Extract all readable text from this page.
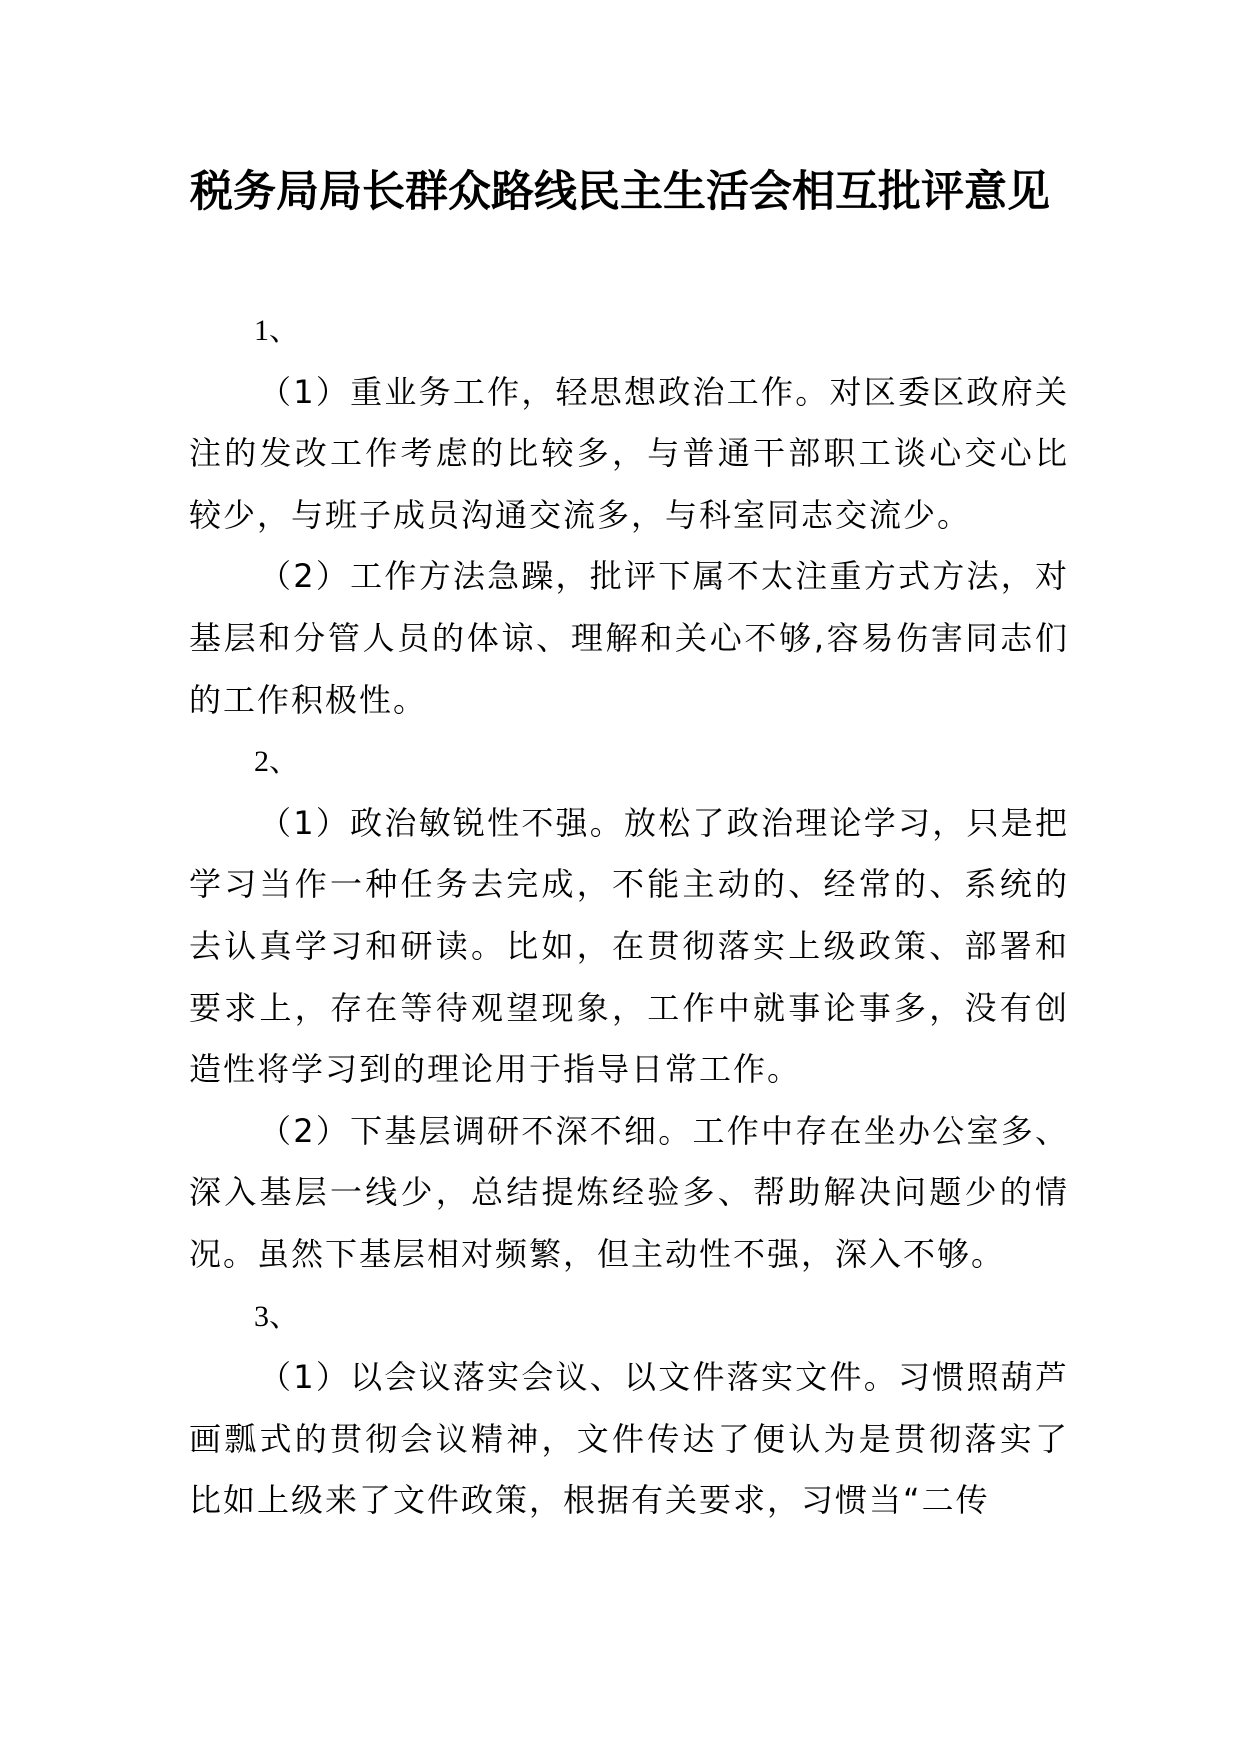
税务局局长群众路线民主生活会相互批评意见

1、

（1）重业务工作，轻思想政治工作。对区委区政府关注的发改工作考虑的比较多，与普通干部职工谈心交心比较少，与班子成员沟通交流多，与科室同志交流少。

（2）工作方法急躁，批评下属不太注重方式方法，对基层和分管人员的体谅、理解和关心不够,容易伤害同志们的工作积极性。

2、

（1）政治敏锐性不强。放松了政治理论学习，只是把学习当作一种任务去完成，不能主动的、经常的、系统的去认真学习和研读。比如，在贯彻落实上级政策、部署和要求上，存在等待观望现象，工作中就事论事多，没有创造性将学习到的理论用于指导日常工作。

（2）下基层调研不深不细。工作中存在坐办公室多、深入基层一线少，总结提炼经验多、帮助解决问题少的情况。虽然下基层相对频繁，但主动性不强，深入不够。

3、

（1）以会议落实会议、以文件落实文件。习惯照葫芦画瓢式的贯彻会议精神，文件传达了便认为是贯彻落实了比如上级来了文件政策，根据有关要求，习惯当“二传
